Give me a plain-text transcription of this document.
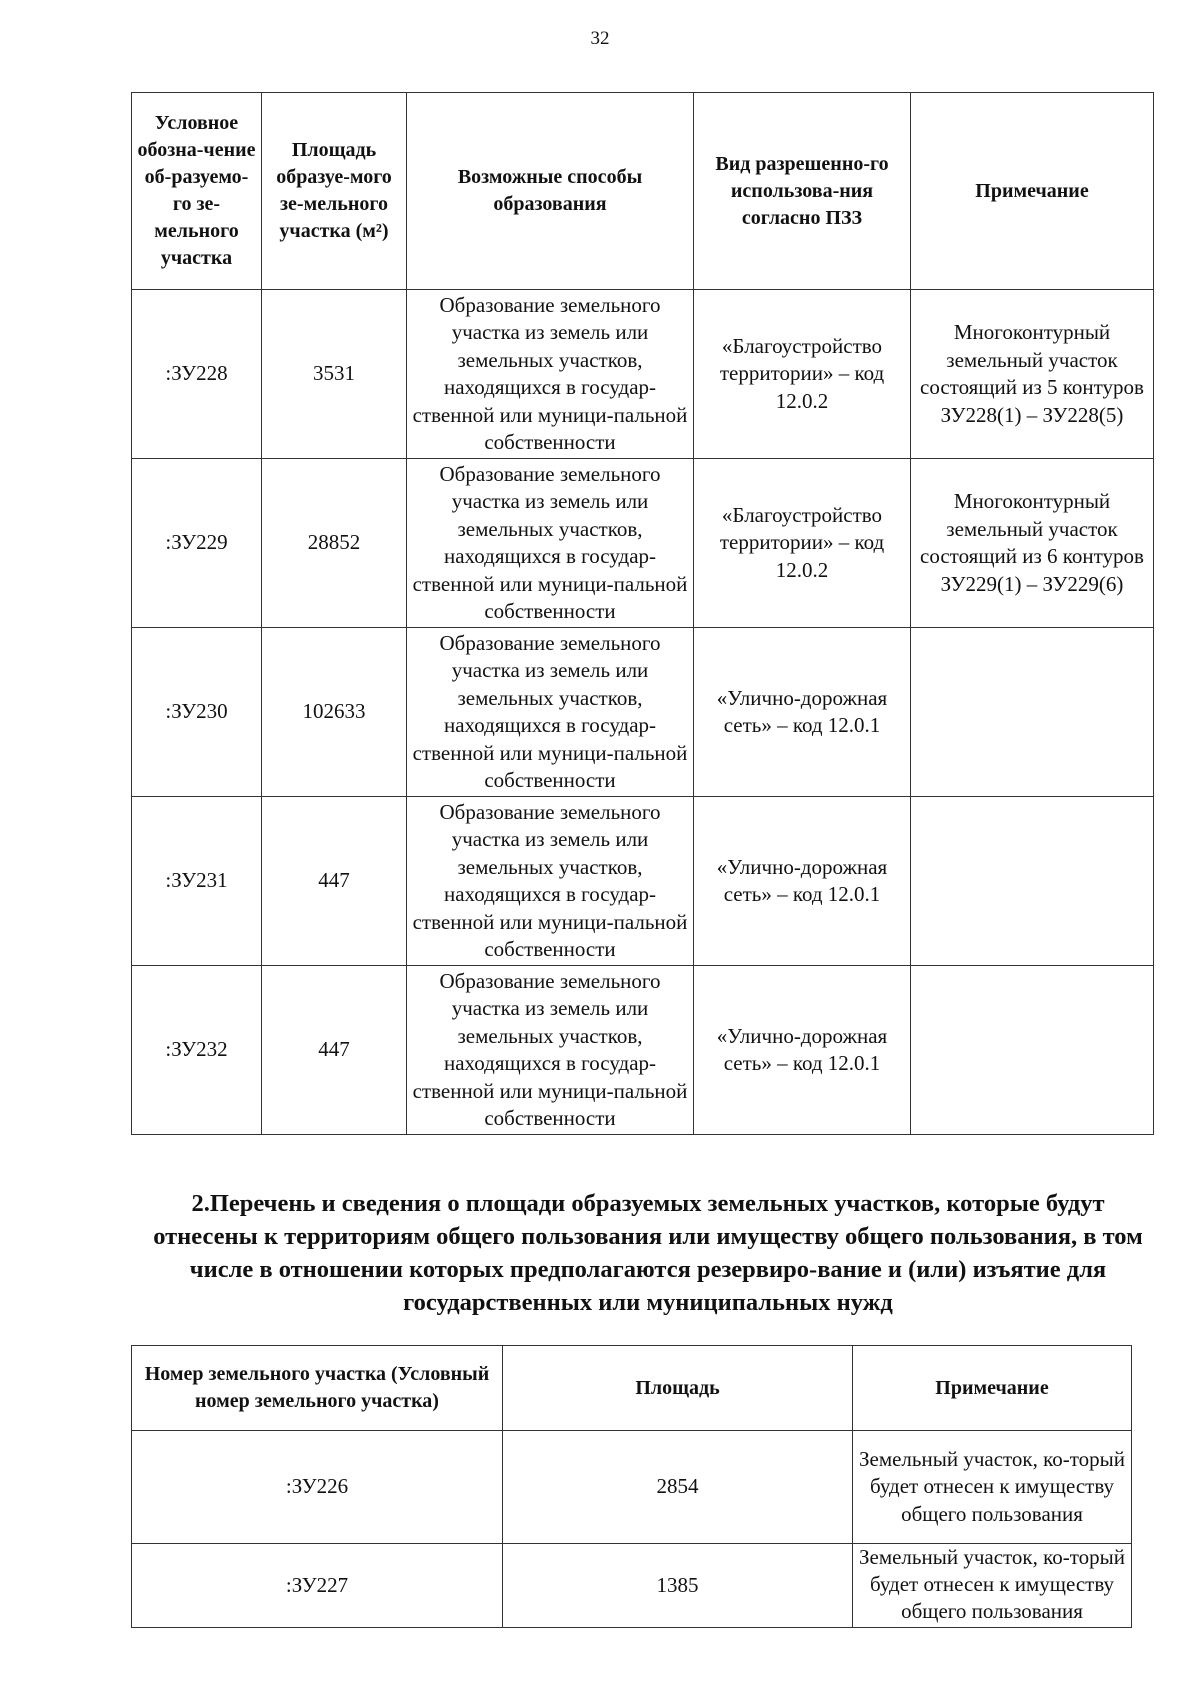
32
Условное обозна-чение об-разуемо-го зе-мельного участка	Площадь образуе-мого зе-мельного участка (м²)	Возможные способы образования	Вид разрешенно-го использова-ния согласно ПЗЗ	Примечание
:ЗУ228	3531	Образование земельного участка из земель или земельных участков, находящихся в государ-ственной или муници-пальной собственности	«Благоустройство территории» – код 12.0.2	Многоконтурный земельный участок состоящий из 5 контуров ЗУ228(1) – ЗУ228(5)
:ЗУ229	28852	Образование земельного участка из земель или земельных участков, находящихся в государ-ственной или муници-пальной собственности	«Благоустройство территории» – код 12.0.2	Многоконтурный земельный участок состоящий из 6 контуров ЗУ229(1) – ЗУ229(6)
:ЗУ230	102633	Образование земельного участка из земель или земельных участков, находящихся в государ-ственной или муници-пальной собственности	«Улично-дорожная сеть» – код 12.0.1	
:ЗУ231	447	Образование земельного участка из земель или земельных участков, находящихся в государ-ственной или муници-пальной собственности	«Улично-дорожная сеть» – код 12.0.1	
:ЗУ232	447	Образование земельного участка из земель или земельных участков, находящихся в государ-ственной или муници-пальной собственности	«Улично-дорожная сеть» – код 12.0.1	

2.Перечень и сведения о площади образуемых земельных участков, которые будут отнесены к территориям общего пользования или имуществу общего пользования, в том числе в отношении которых предполагаются резервиро-вание и (или) изъятие для государственных или муниципальных нужд

Номер земельного участка (Условный номер земельного участка)	Площадь	Примечание
:ЗУ226	2854	Земельный участок, ко-торый будет отнесен к имуществу общего пользования
:ЗУ227	1385	Земельный участок, ко-торый будет отнесен к имуществу общего пользования
